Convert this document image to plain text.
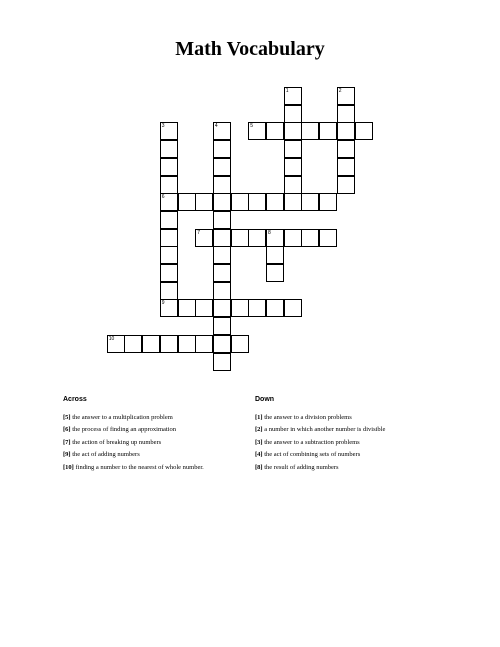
Math Vocabulary
1	2
3
6
4	5
7	8
9
10
Across	Down
[5] the answer to a multiplication problem
[6] the process of finding an approximation
[7] the action of breaking up numbers
[9] the act of adding numbers
[10] finding a number to the nearest of whole number.
[1] the answer to a division problems
[2] a number in which another number is divisible
[3] the answer to a subtraction problems
[4] the act of combining sets of numbers
[8] the result of adding numbers
